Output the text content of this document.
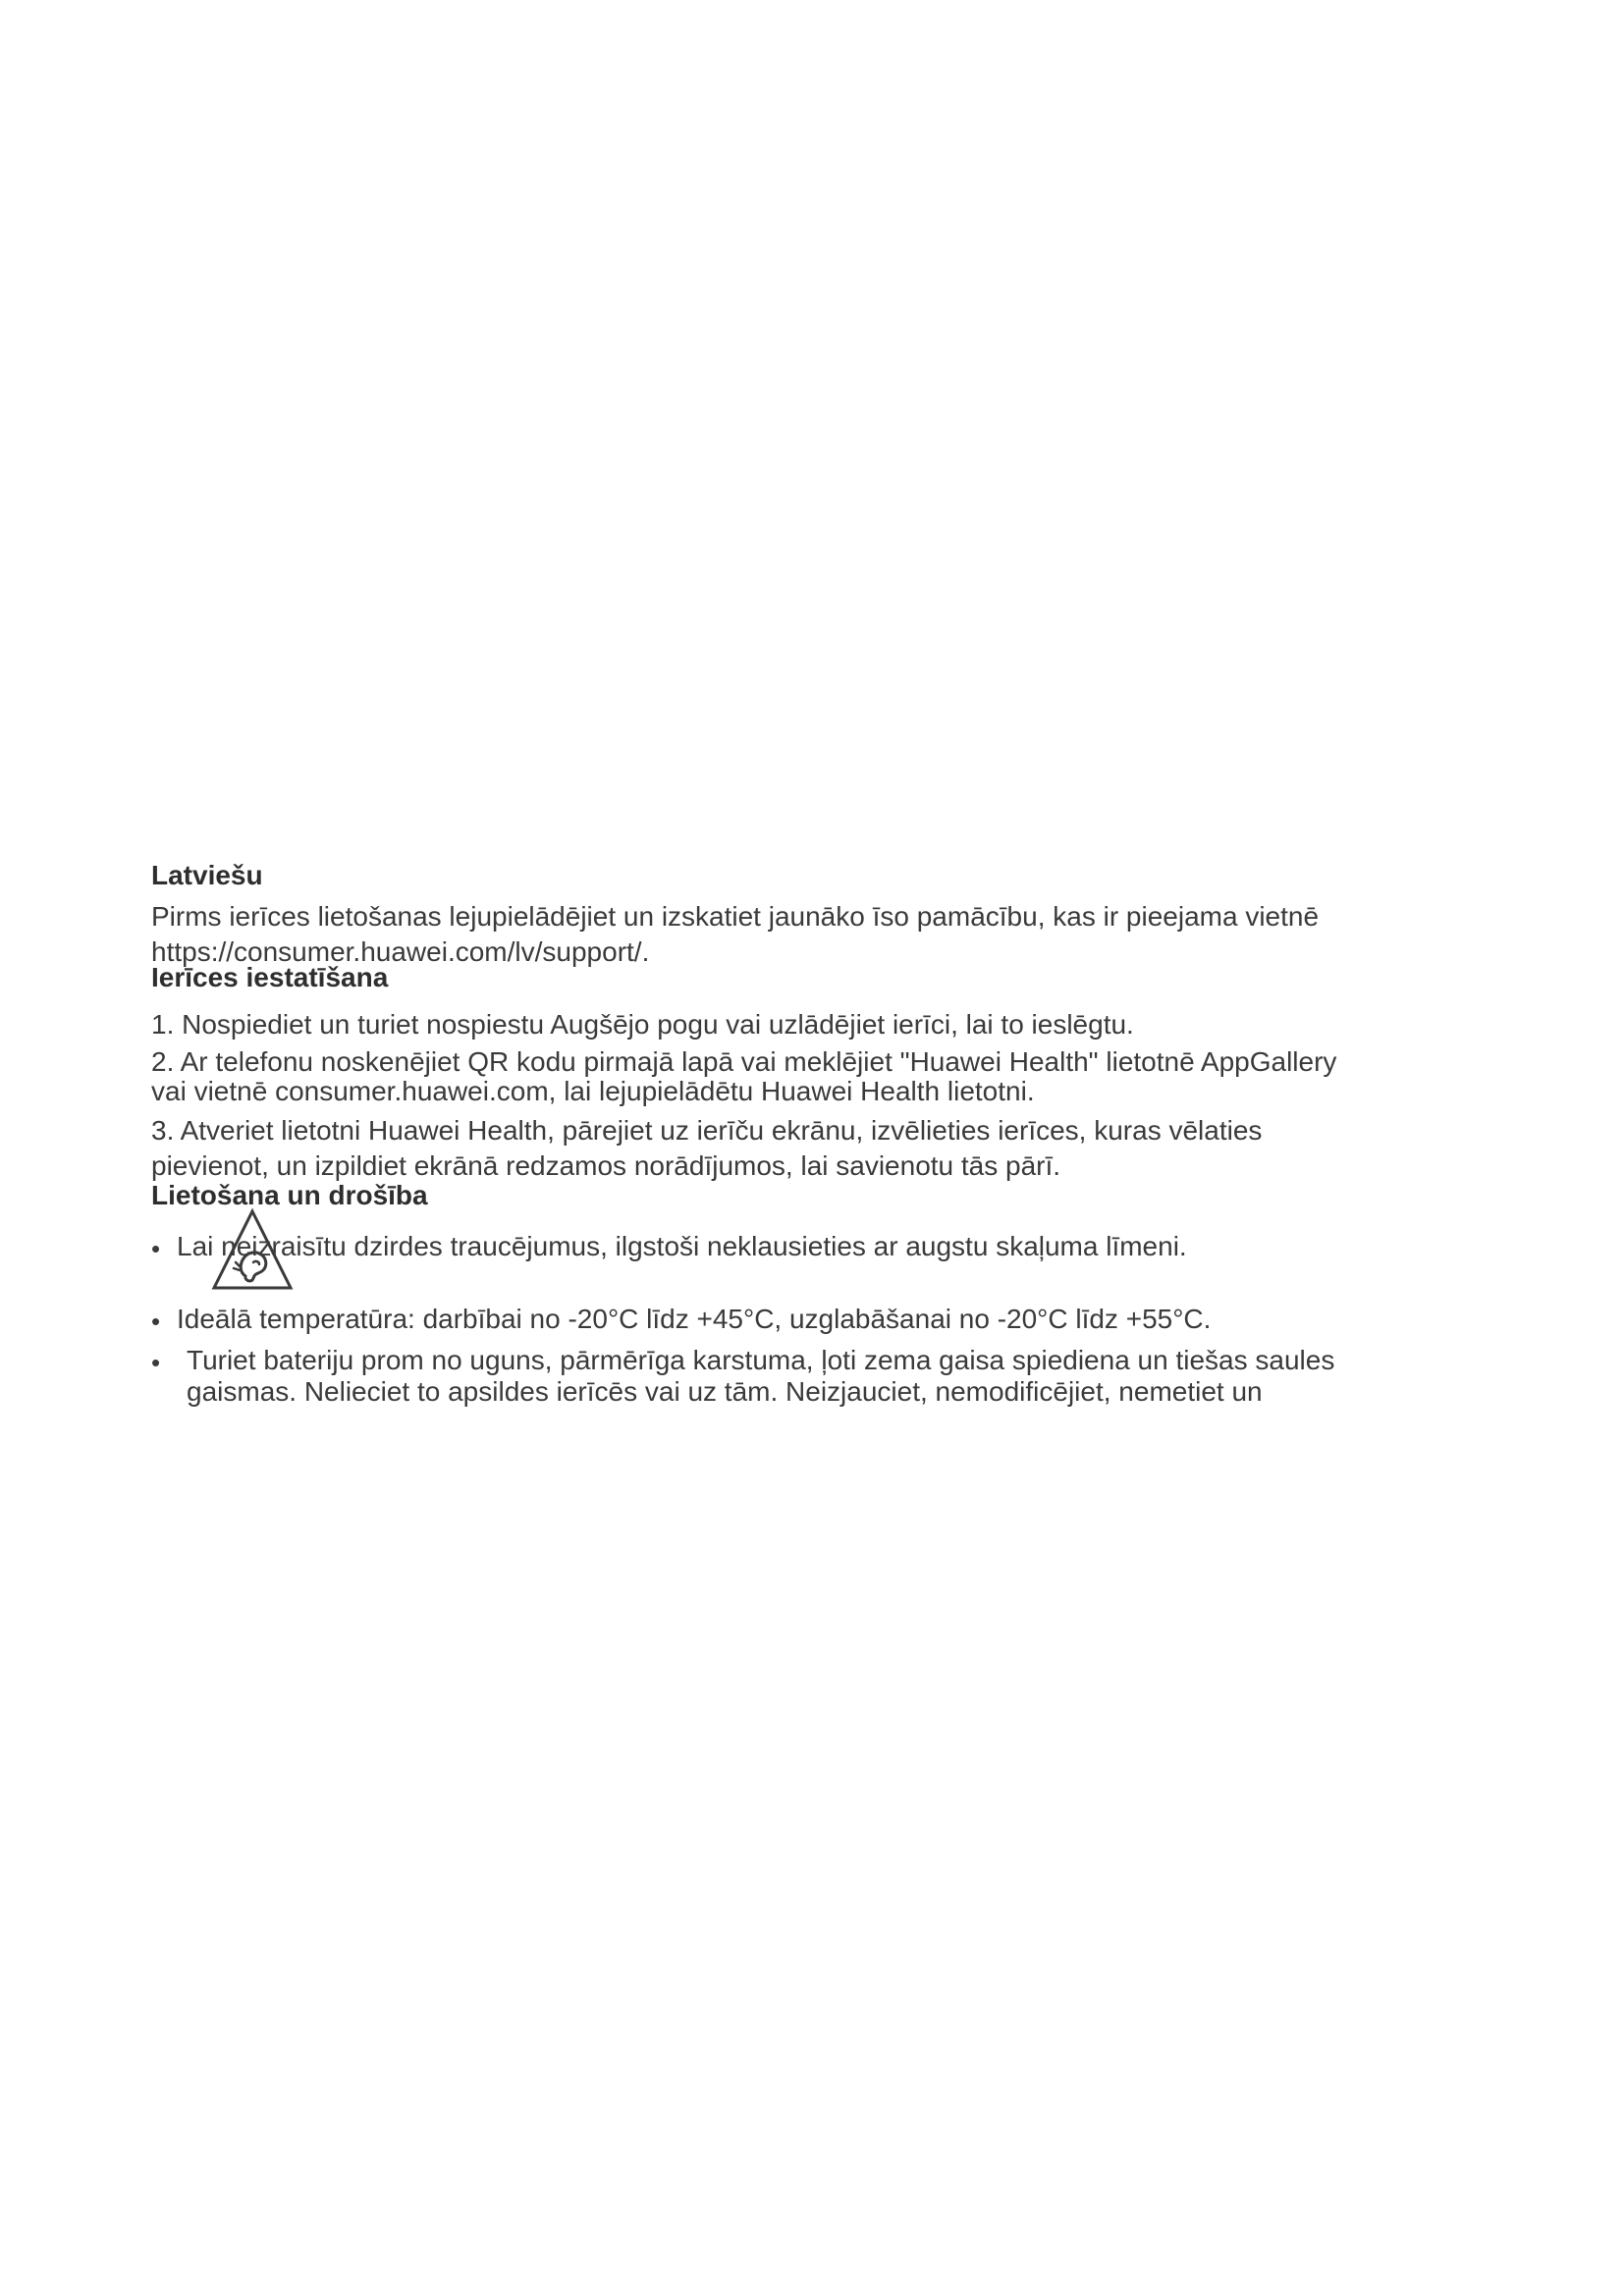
Latviešu
Pirms ierīces lietošanas lejupielādējiet un izskatiet jaunāko īso pamācību, kas ir pieejama vietnē
https://consumer.huawei.com/lv/support/.
Ierīces iestatīšana
1. Nospiediet un turiet nospiestu Augšējo pogu vai uzlādējiet ierīci, lai to ieslēgtu.
2. Ar telefonu noskenējiet QR kodu pirmajā lapā vai meklējiet "Huawei Health" lietotnē AppGallery
vai vietnē consumer.huawei.com, lai lejupielādētu Huawei Health lietotni.
3. Atveriet lietotni Huawei Health, pārejiet uz ierīču ekrānu, izvēlieties ierīces, kuras vēlaties
pievienot, un izpildiet ekrānā redzamos norādījumos, lai savienotu tās pārī.
Lietošana un drošība
• Lai neizraisītu dzirdes traucējumus, ilgstoši neklausieties ar augstu skaļuma līmeni.
• Ideālā temperatūra: darbībai no -20°C līdz +45°C, uzglabāšanai no -20°C līdz +55°C.
• Turiet bateriju prom no uguns, pārmērīga karstuma, ļoti zema gaisa spiediena un tiešas saules
gaismas. Nelieciet to apsildes ierīcēs vai uz tām. Neizjauciet, nemodificējiet, nemetiet un
